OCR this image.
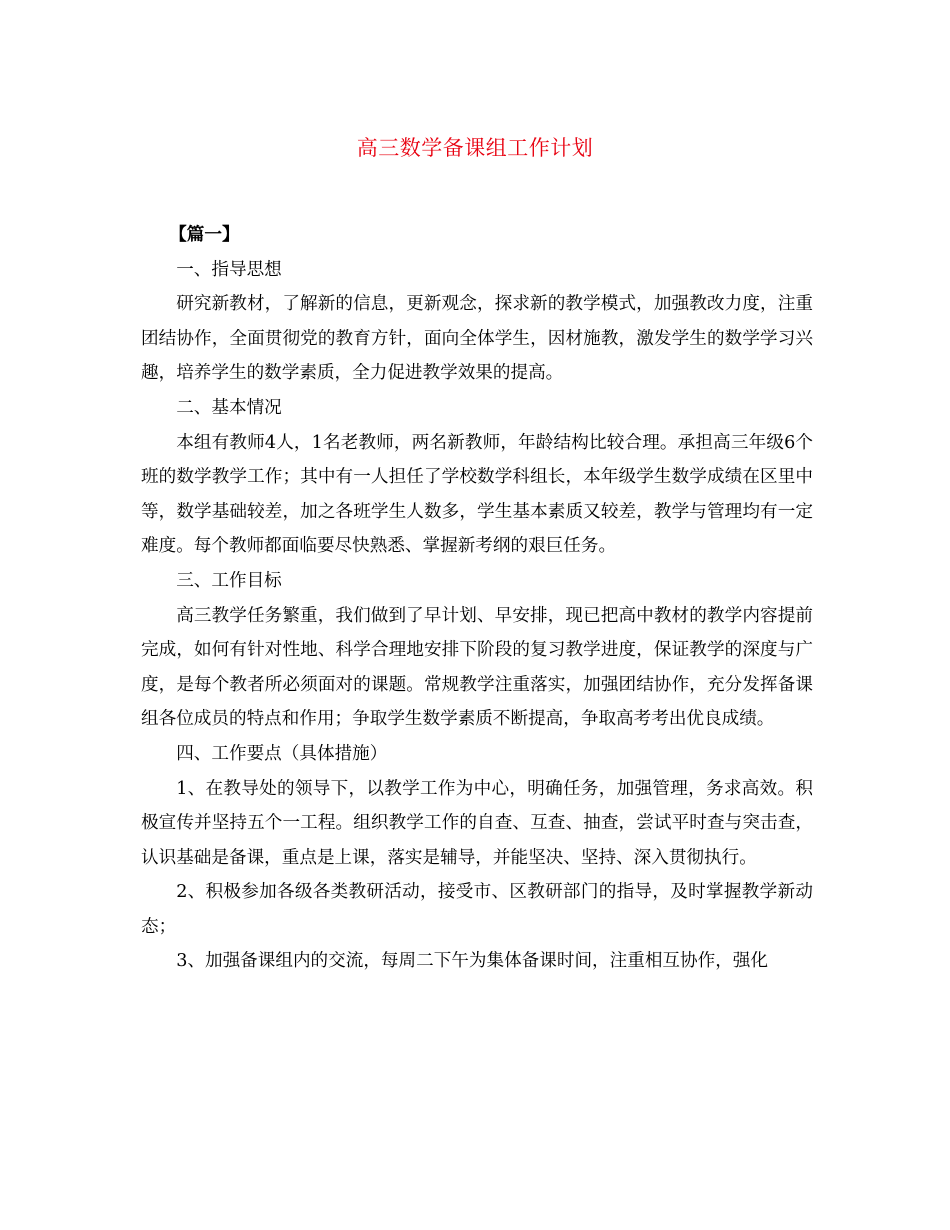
高三数学备课组工作计划

【篇一】

一、指导思想

研究新教材，了解新的信息，更新观念，探求新的教学模式，加强教改力度，注重团结协作，全面贯彻党的教育方针，面向全体学生，因材施教，激发学生的数学学习兴趣，培养学生的数学素质，全力促进教学效果的提高。

二、基本情况

本组有教师4人，1名老教师，两名新教师，年龄结构比较合理。承担高三年级6个班的数学教学工作；其中有一人担任了学校数学科组长，本年级学生数学成绩在区里中等，数学基础较差，加之各班学生人数多，学生基本素质又较差，教学与管理均有一定难度。每个教师都面临要尽快熟悉、掌握新考纲的艰巨任务。

三、工作目标

高三教学任务繁重，我们做到了早计划、早安排，现已把高中教材的教学内容提前完成，如何有针对性地、科学合理地安排下阶段的复习教学进度，保证教学的深度与广度，是每个教者所必须面对的课题。常规教学注重落实，加强团结协作，充分发挥备课组各位成员的特点和作用；争取学生数学素质不断提高，争取高考考出优良成绩。

四、工作要点（具体措施）

1、在教导处的领导下，以教学工作为中心，明确任务，加强管理，务求高效。积极宣传并坚持五个一工程。组织教学工作的自查、互查、抽查，尝试平时查与突击查，认识基础是备课，重点是上课，落实是辅导，并能坚决、坚持、深入贯彻执行。

2、积极参加各级各类教研活动，接受市、区教研部门的指导，及时掌握教学新动态；

3、加强备课组内的交流，每周二下午为集体备课时间，注重相互协作，强化
